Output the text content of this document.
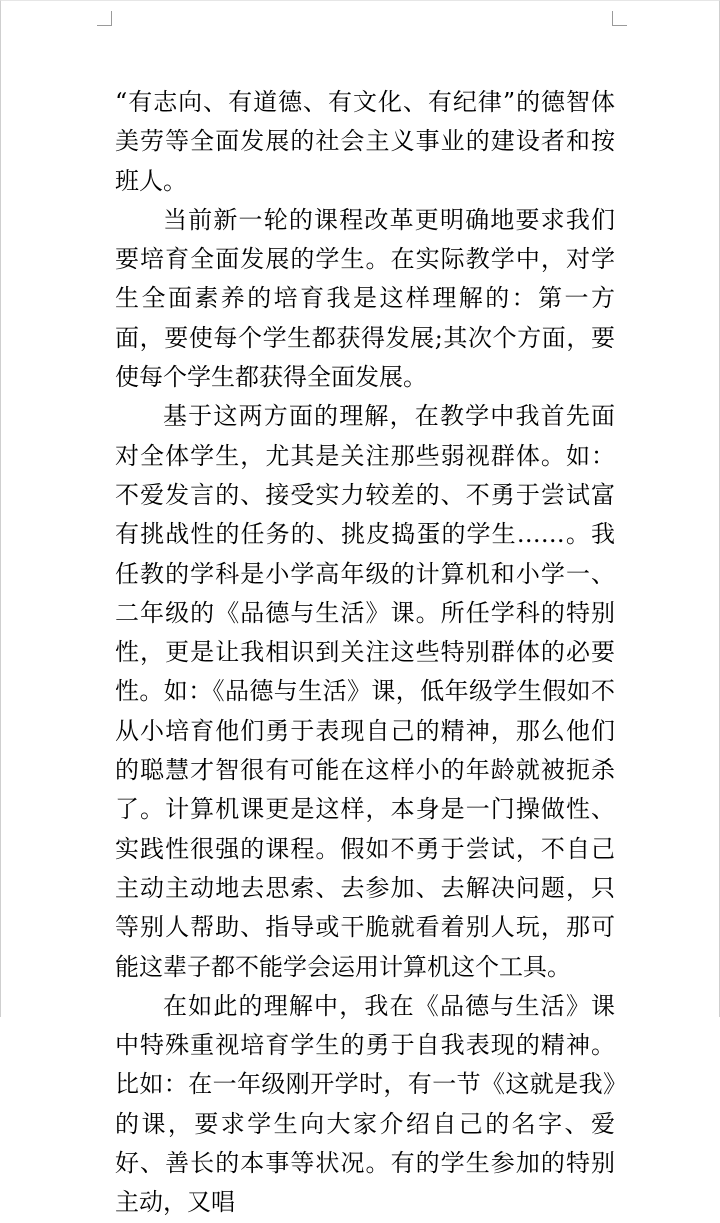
“有志向、有道德、有文化、有纪律”的德智体美劳等全面发展的社会主义事业的建设者和按班人。

当前新一轮的课程改革更明确地要求我们要培育全面发展的学生。在实际教学中，对学生全面素养的培育我是这样理解的：第一方面，要使每个学生都获得发展;其次个方面，要使每个学生都获得全面发展。

基于这两方面的理解，在教学中我首先面对全体学生，尤其是关注那些弱视群体。如：不爱发言的、接受实力较差的、不勇于尝试富有挑战性的任务的、挑皮捣蛋的学生……。我任教的学科是小学高年级的计算机和小学一、二年级的《品德与生活》课。所任学科的特别性，更是让我相识到关注这些特别群体的必要性。如：《品德与生活》课，低年级学生假如不从小培育他们勇于表现自己的精神，那么他们的聪慧才智很有可能在这样小的年龄就被扼杀了。计算机课更是这样，本身是一门操做性、实践性很强的课程。假如不勇于尝试，不自己主动主动地去思索、去参加、去解决问题，只等别人帮助、指导或干脆就看着别人玩，那可能这辈子都不能学会运用计算机这个工具。

在如此的理解中，我在《品德与生活》课中特殊重视培育学生的勇于自我表现的精神。比如：在一年级刚开学时，有一节《这就是我》的课，要求学生向大家介绍自己的名字、爱好、善长的本事等状况。有的学生参加的特别主动，又唱
